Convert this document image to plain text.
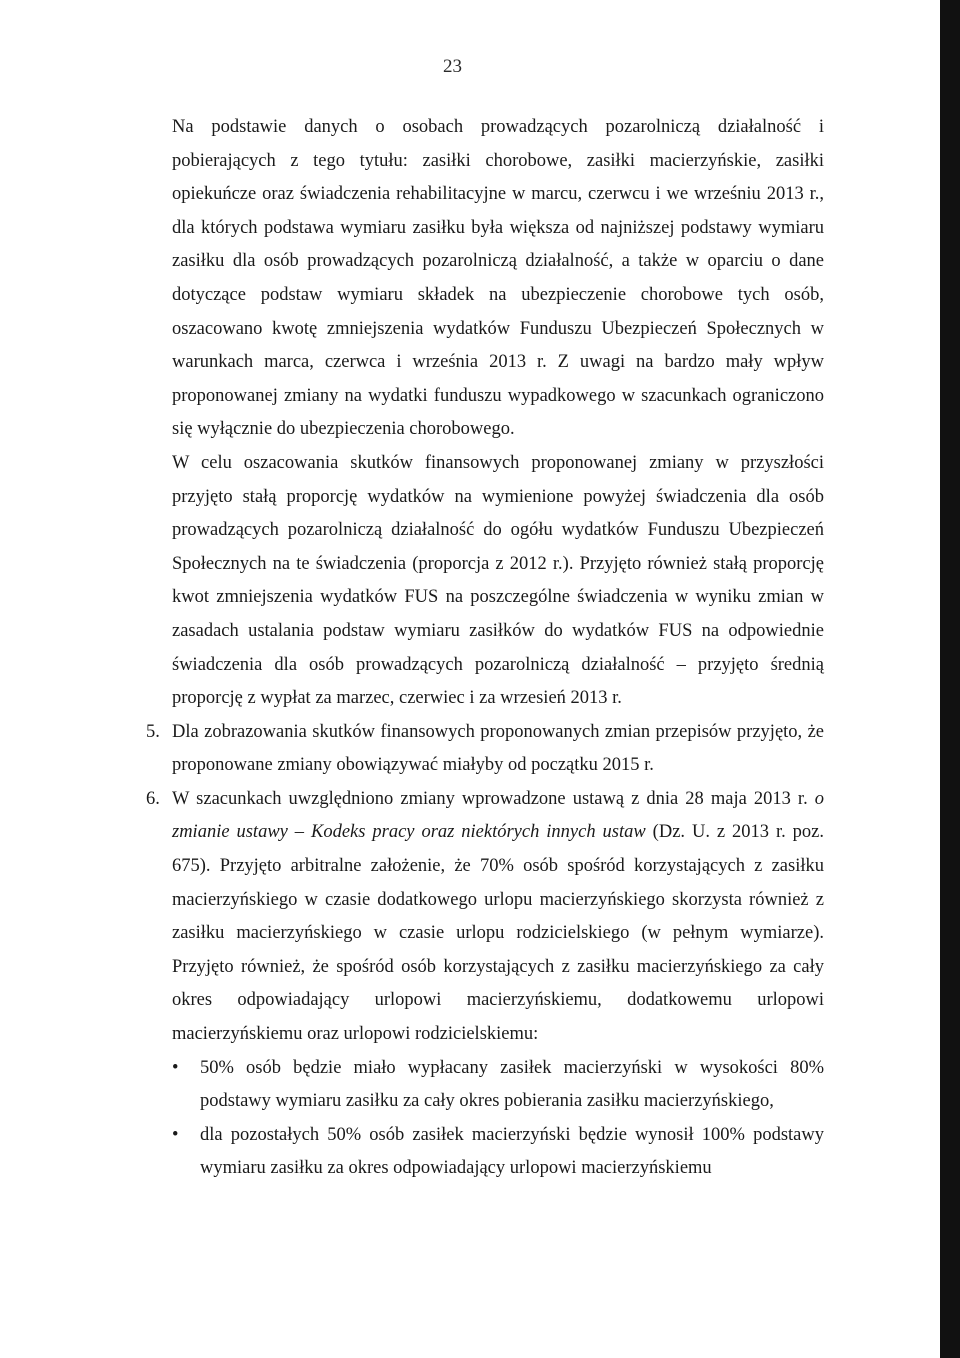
23

Na podstawie danych o osobach prowadzących pozarolniczą działalność i pobierających z tego tytułu: zasiłki chorobowe, zasiłki macierzyńskie, zasiłki opiekuńcze oraz świadczenia rehabilitacyjne w marcu, czerwcu i we wrześniu 2013 r., dla których podstawa wymiaru zasiłku była większa od najniższej podstawy wymiaru zasiłku dla osób prowadzących pozarolniczą działalność, a także w oparciu o dane dotyczące podstaw wymiaru składek na ubezpieczenie chorobowe tych osób, oszacowano kwotę zmniejszenia wydatków Funduszu Ubezpieczeń Społecznych w warunkach marca, czerwca i września 2013 r. Z uwagi na bardzo mały wpływ proponowanej zmiany na wydatki funduszu wypadkowego w szacunkach ograniczono się wyłącznie do ubezpieczenia chorobowego.

W celu oszacowania skutków finansowych proponowanej zmiany w przyszłości przyjęto stałą proporcję wydatków na wymienione powyżej świadczenia dla osób prowadzących pozarolniczą działalność do ogółu wydatków Funduszu Ubezpieczeń Społecznych na te świadczenia (proporcja z 2012 r.). Przyjęto również stałą proporcję kwot zmniejszenia wydatków FUS na poszczególne świadczenia w wyniku zmian w zasadach ustalania podstaw wymiaru zasiłków do wydatków FUS na odpowiednie świadczenia dla osób prowadzących pozarolniczą działalność – przyjęto średnią proporcję z wypłat za marzec, czerwiec i za wrzesień 2013 r.

5. Dla zobrazowania skutków finansowych proponowanych zmian przepisów przyjęto, że proponowane zmiany obowiązywać miałyby od początku 2015 r.
6. W szacunkach uwzględniono zmiany wprowadzone ustawą z dnia 28 maja 2013 r. o zmianie ustawy – Kodeks pracy oraz niektórych innych ustaw (Dz. U. z 2013 r. poz. 675). Przyjęto arbitralne założenie, że 70% osób spośród korzystających z zasiłku macierzyńskiego w czasie dodatkowego urlopu macierzyńskiego skorzysta również z zasiłku macierzyńskiego w czasie urlopu rodzicielskiego (w pełnym wymiarze). Przyjęto również, że spośród osób korzystających z zasiłku macierzyńskiego za cały okres odpowiadający urlopowi macierzyńskiemu, dodatkowemu urlopowi macierzyńskiemu oraz urlopowi rodzicielskiemu:
• 50% osób będzie miało wypłacany zasiłek macierzyński w wysokości 80% podstawy wymiaru zasiłku za cały okres pobierania zasiłku macierzyńskiego,
• dla pozostałych 50% osób zasiłek macierzyński będzie wynosił 100% podstawy wymiaru zasiłku za okres odpowiadający urlopowi macierzyńskiemu
